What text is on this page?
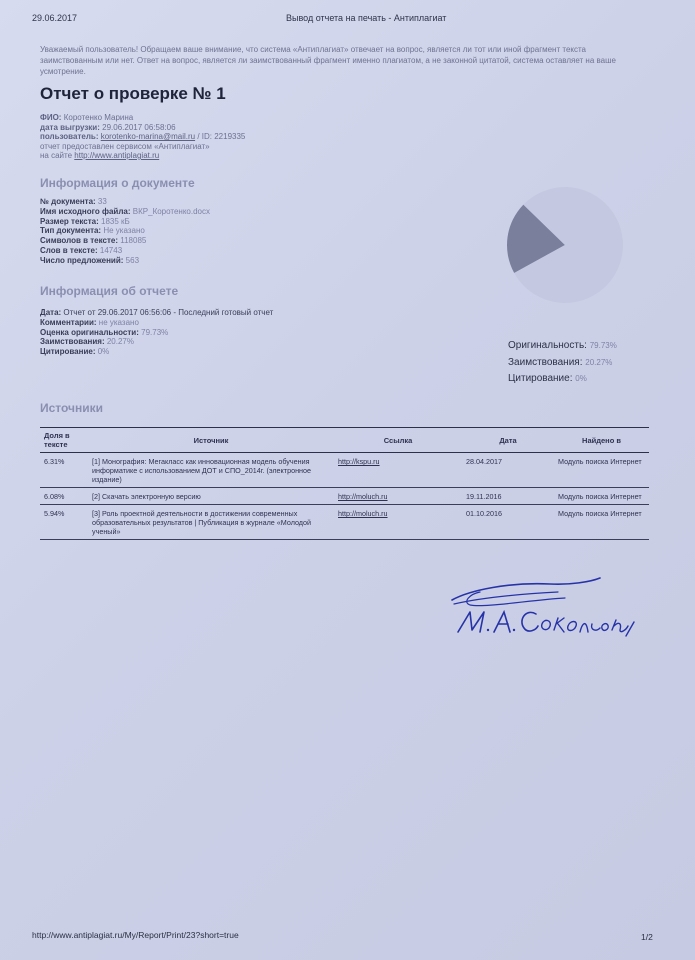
29.06.2017	Вывод отчета на печать - Антиплагиат
Уважаемый пользователь! Обращаем ваше внимание, что система «Антиплагиат» отвечает на вопрос, является ли тот или иной фрагмент текста заимствованным или нет. Ответ на вопрос, является ли заимствованный фрагмент именно плагиатом, а не законной цитатой, система оставляет на ваше усмотрение.
Отчет о проверке № 1
ФИО: Коротенко Марина
дата выгрузки: 29.06.2017 06:58:06
пользователь: korotenko-marina@mail.ru / ID: 2219335
отчет предоставлен сервисом «Антиплагиат»
на сайте http://www.antiplagiat.ru
Информация о документе
№ документа: 33
Имя исходного файла: ВКР_Коротенко.docx
Размер текста: 1835 кБ
Тип документа: Не указано
Символов в тексте: 118085
Слов в тексте: 14743
Число предложений: 563
Информация об отчете
Дата: Отчет от 29.06.2017 06:56:06 - Последний готовый отчет
Комментарии: не указано
Оценка оригинальности: 79.73%
Заимствования: 20.27%
Цитирование: 0%
Оригинальность: 79.73%
Заимствования: 20.27%
Цитирование: 0%
Источники
Доля в тексте	Источник	Ссылка	Дата	Найдено в
6.31%	[1] Монография: Мегакласс как инновационная модель обучения информатике с использованием ДОТ и СПО_2014г. (электронное издание)	http://kspu.ru	28.04.2017	Модуль поиска Интернет
6.08%	[2] Скачать электронную версию	http://moluch.ru	19.11.2016	Модуль поиска Интернет
5.94%	[3] Роль проектной деятельности в достижении современных образовательных результатов | Публикация в журнале «Молодой ученый»	http://moluch.ru	01.10.2016	Модуль поиска Интернет
http://www.antiplagiat.ru/My/Report/Print/23?short=true	1/2
